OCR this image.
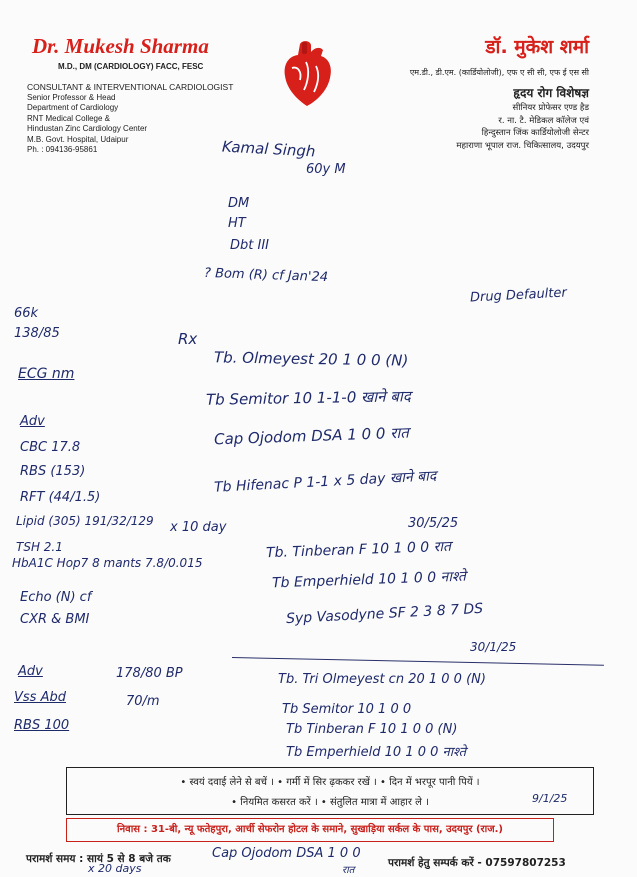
Dr. Mukesh Sharma
M.D., DM (CARDIOLOGY) FACC, FESC
CONSULTANT & INTERVENTIONAL CARDIOLOGIST
Senior Professor & Head
Department of Cardiology
RNT Medical College &
Hindustan Zinc Cardiology Center
M.B. Govt. Hospital, Udaipur
Ph. : 094136-95861
डॉ. मुकेश शर्मा
एम.डी., डी.एम. (कार्डियोलोजी), एफ ए सी सी, एफ ई एस सी
हृदय रोग विशेषज्ञ
सीनियर प्रोफेसर एण्ड हैड
र. ना. टै. मेडिकल कॉलेज एवं
हिन्दुस्तान जिंक कार्डियोलोजी सेन्टर
महाराणा भूपाल राज. चिकित्सालय, उदयपुर
Kamal Singh
60y M
DM
HT
Dbt III
? Bom (R) cf Jan'24
Drug Defaulter
Rx
Tb. Olmeyest 20 1 0 0 (N)
Tb Semitor 10 1-1-0 खाने बाद
Cap Ojodom DSA 1 0 0 रात
Tb Hifenac P 1-1 x 5 day खाने बाद
66k
138/85
ECG nm
Adv
CBC 17.8
RBS (153)
RFT (44/1.5)
Lipid (305) 191/32/129 x 10 day
TSH 2.1
HbA1C Hop7 8 mants 7.8/0.015
Echo (N) cf
CXR & BMI
30/5/25
Tb. Tinberan F 10 1 0 0 रात
Tb Emperhield 10 1 0 0 नाश्ते
Syp Vasodyne SF 2 3 8 7 DS
30/1/25
Tb. Tri Olmeyest cn 20 1 0 0 (N)
Tb Semitor 10 1 0 0
Tb Tinberan F 10 1 0 0 (N)
Tb Emperhield 10 1 0 0 नाश्ते
178/80 BP
70/m
Adv
Vss Abd
RBS 100
• स्वयं दवाई लेने से बचें । • गर्मी में सिर ढ़ककर रखें । • दिन में भरपूर पानी पियें ।
• नियमित कसरत करें । • संतुलित मात्रा में आहार ले ।	9/1/25
निवास : 31-बी, न्यू फतेहपुरा, आर्ची सेफरोन होटल के समाने, सुखाड़िया सर्कल के पास, उदयपुर (राज.)
परामर्श समय : सायं 5 से 8 बजे तक	Cap Ojodom DSA 1 0 0
रात
x 20 days	परामर्श हेतु सम्पर्क करें - 07597807253
